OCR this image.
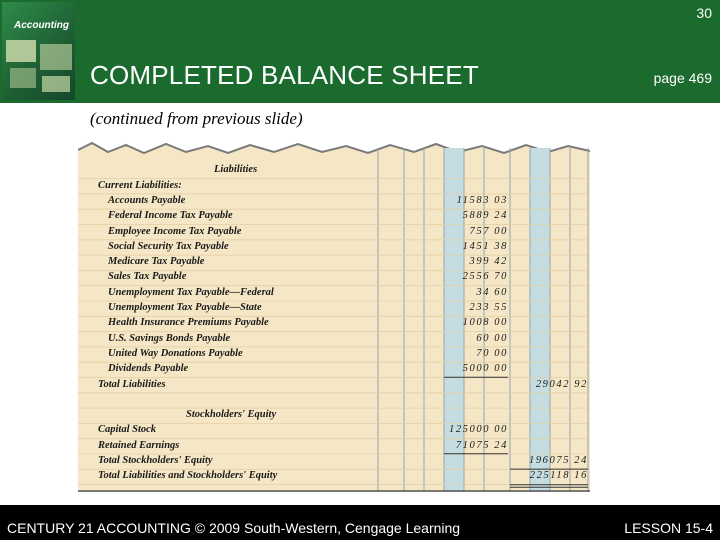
Accounting
30
COMPLETED BALANCE SHEET	page 469
(continued from previous slide)
Liabilities
Current Liabilities:
Accounts Payable	11583 03
Federal Income Tax Payable	5889 24
Employee Income Tax Payable	757 00
Social Security Tax Payable	1451 38
Medicare Tax Payable	399 42
Sales Tax Payable	2556 70
Unemployment Tax Payable—Federal	34 60
Unemployment Tax Payable—State	233 55
Health Insurance Premiums Payable	1008 00
U.S. Savings Bonds Payable	60 00
United Way Donations Payable	70 00
Dividends Payable	5000 00
Total Liabilities	29042 92
Stockholders' Equity
Capital Stock	125000 00
Retained Earnings	71075 24
Total Stockholders' Equity	196075 24
Total Liabilities and Stockholders' Equity	225118 16
CENTURY 21 ACCOUNTING © 2009 South-Western, Cengage Learning	LESSON 15-4
